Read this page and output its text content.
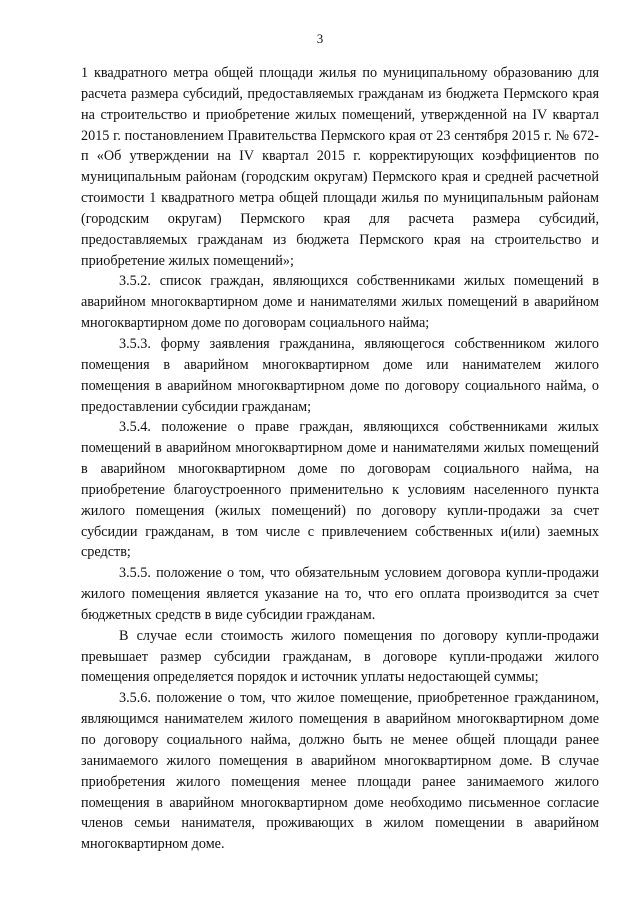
3

1 квадратного метра общей площади жилья по муниципальному образованию для расчета размера субсидий, предоставляемых гражданам из бюджета Пермского края на строительство и приобретение жилых помещений, утвержденной на IV квартал 2015 г. постановлением Правительства Пермского края от 23 сентября 2015 г. № 672-п «Об утверждении на IV квартал 2015 г. корректирующих коэффициентов по муниципальным районам (городским округам) Пермского края и средней расчетной стоимости 1 квадратного метра общей площади жилья по муниципальным районам (городским округам) Пермского края для расчета размера субсидий, предоставляемых гражданам из бюджета Пермского края на строительство и приобретение жилых помещений»;

3.5.2. список граждан, являющихся собственниками жилых помещений в аварийном многоквартирном доме и нанимателями жилых помещений в аварийном многоквартирном доме по договорам социального найма;

3.5.3. форму заявления гражданина, являющегося собственником жилого помещения в аварийном многоквартирном доме или нанимателем жилого помещения в аварийном многоквартирном доме по договору социального найма, о предоставлении субсидии гражданам;

3.5.4. положение о праве граждан, являющихся собственниками жилых помещений в аварийном многоквартирном доме и нанимателями жилых помещений в аварийном многоквартирном доме по договорам социального найма, на приобретение благоустроенного применительно к условиям населенного пункта жилого помещения (жилых помещений) по договору купли-продажи за счет субсидии гражданам, в том числе с привлечением собственных и(или) заемных средств;

3.5.5. положение о том, что обязательным условием договора купли-продажи жилого помещения является указание на то, что его оплата производится за счет бюджетных средств в виде субсидии гражданам.

В случае если стоимость жилого помещения по договору купли-продажи превышает размер субсидии гражданам, в договоре купли-продажи жилого помещения определяется порядок и источник уплаты недостающей суммы;

3.5.6. положение о том, что жилое помещение, приобретенное гражданином, являющимся нанимателем жилого помещения в аварийном многоквартирном доме по договору социального найма, должно быть не менее общей площади ранее занимаемого жилого помещения в аварийном многоквартирном доме. В случае приобретения жилого помещения менее площади ранее занимаемого жилого помещения в аварийном многоквартирном доме необходимо письменное согласие членов семьи нанимателя, проживающих в жилом помещении в аварийном многоквартирном доме.
